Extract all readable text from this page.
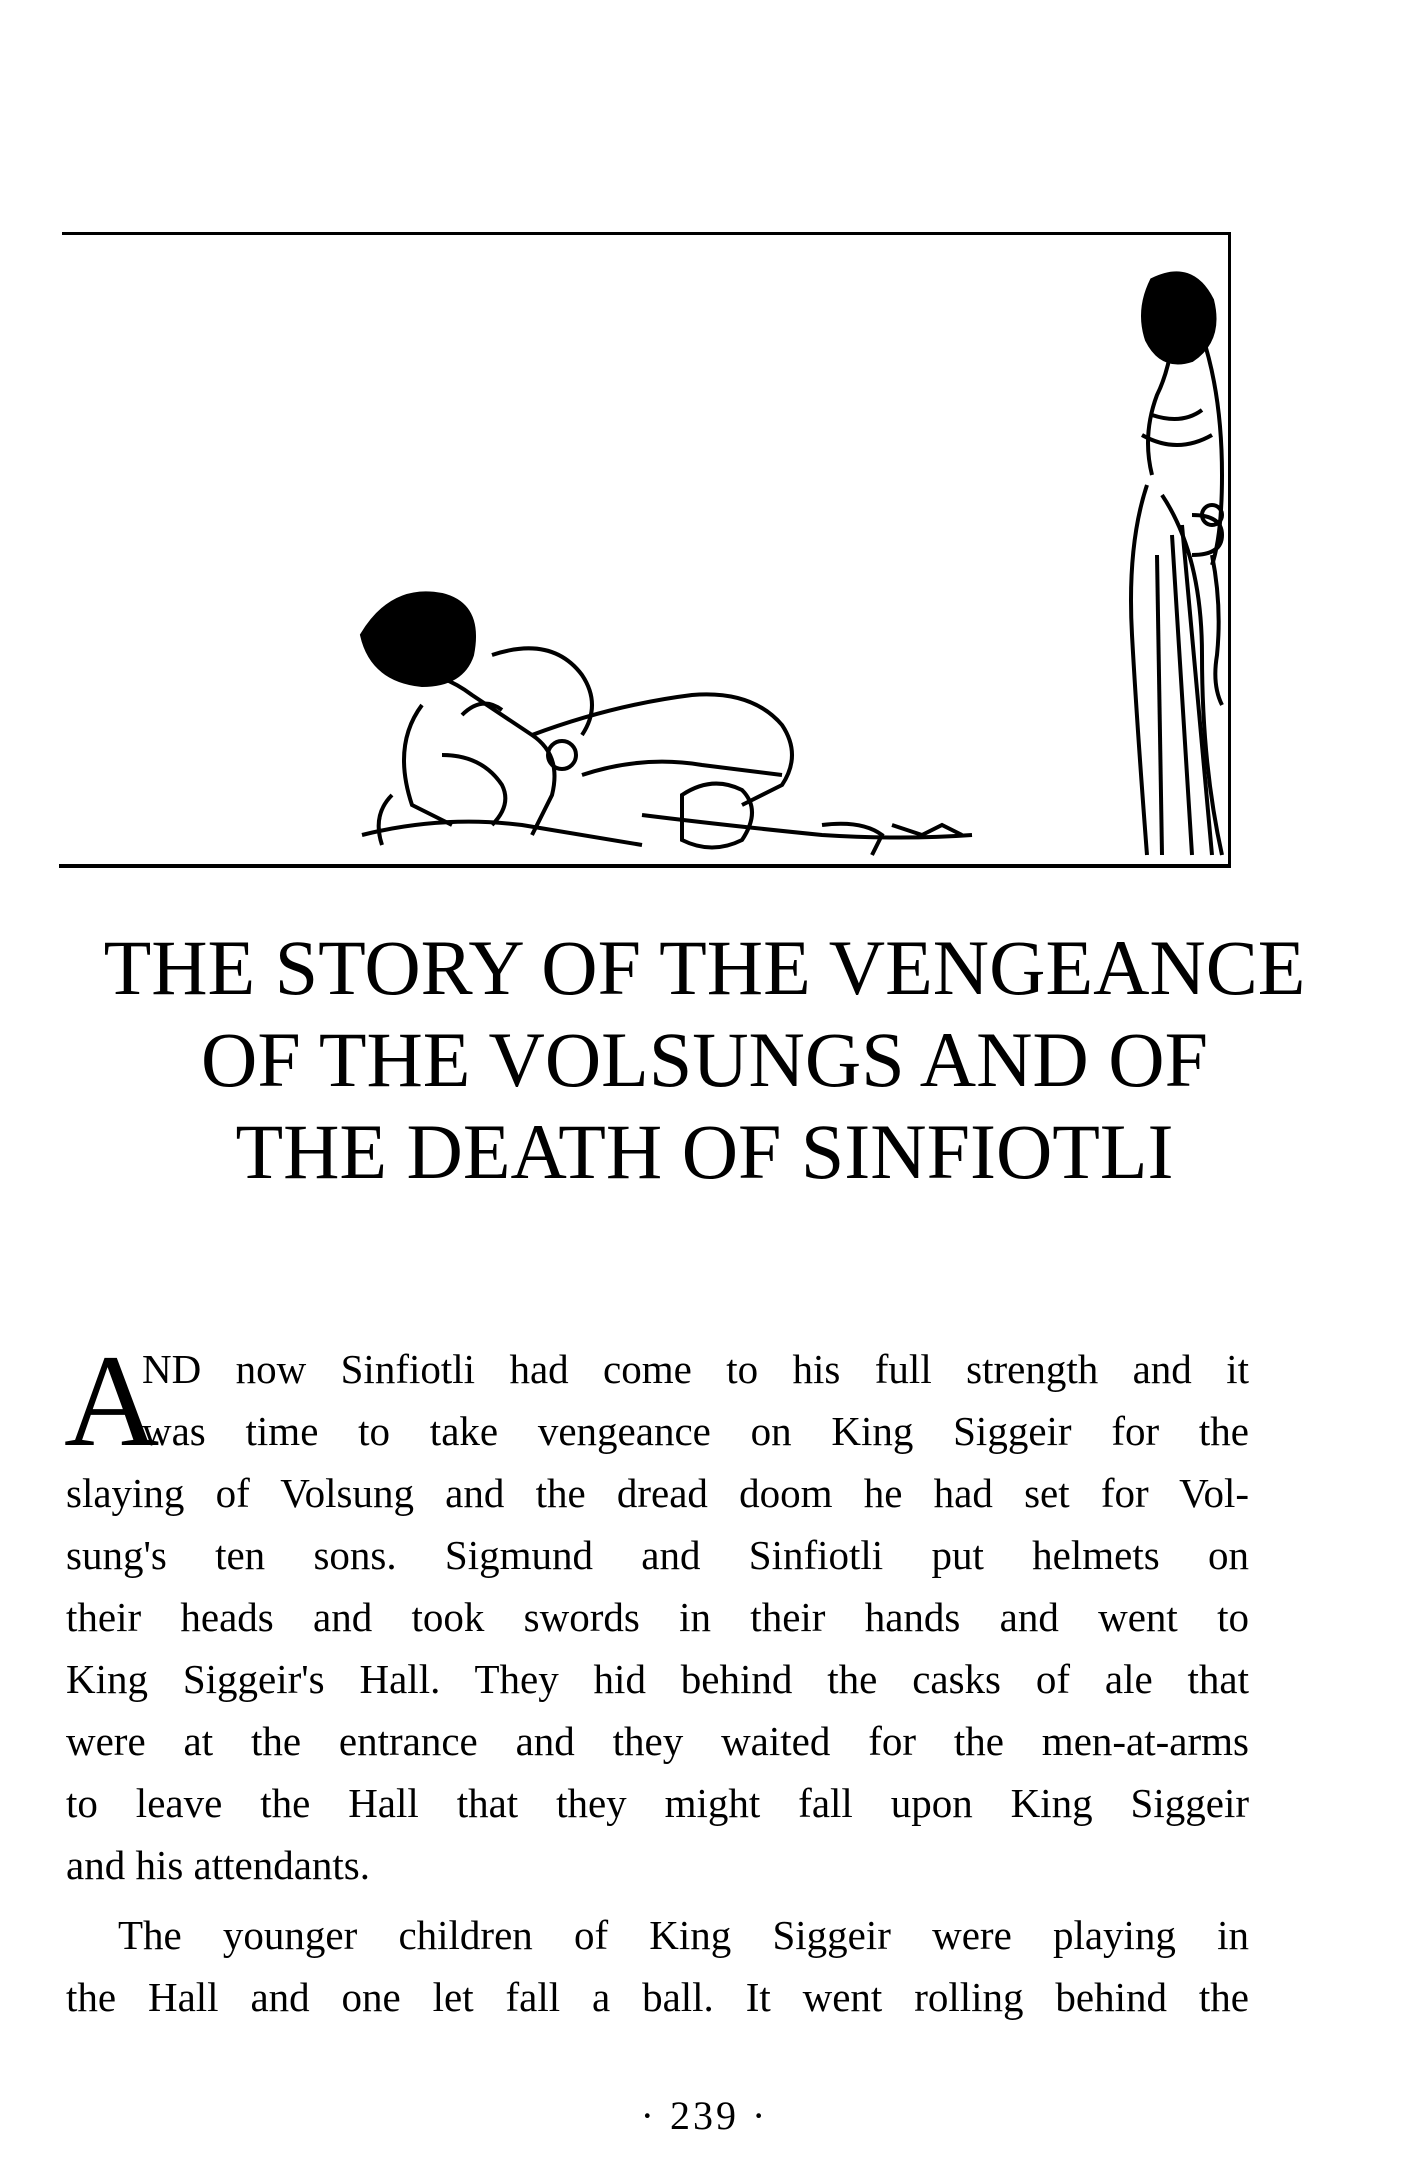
THE STORY OF THE VENGEANCE
OF THE VOLSUNGS AND OF
THE DEATH OF SINFIOTLI
A
ND now Sinfiotli had come to his full strength and it
was time to take vengeance on King Siggeir for the
slaying of Volsung and the dread doom he had set for Vol-
sung's ten sons. Sigmund and Sinfiotli put helmets on
their heads and took swords in their hands and went to
King Siggeir's Hall. They hid behind the casks of ale that
were at the entrance and they waited for the men-at-arms
to leave the Hall that they might fall upon King Siggeir
and his attendants.
The younger children of King Siggeir were playing in
the Hall and one let fall a ball. It went rolling behind the
· 239 ·
